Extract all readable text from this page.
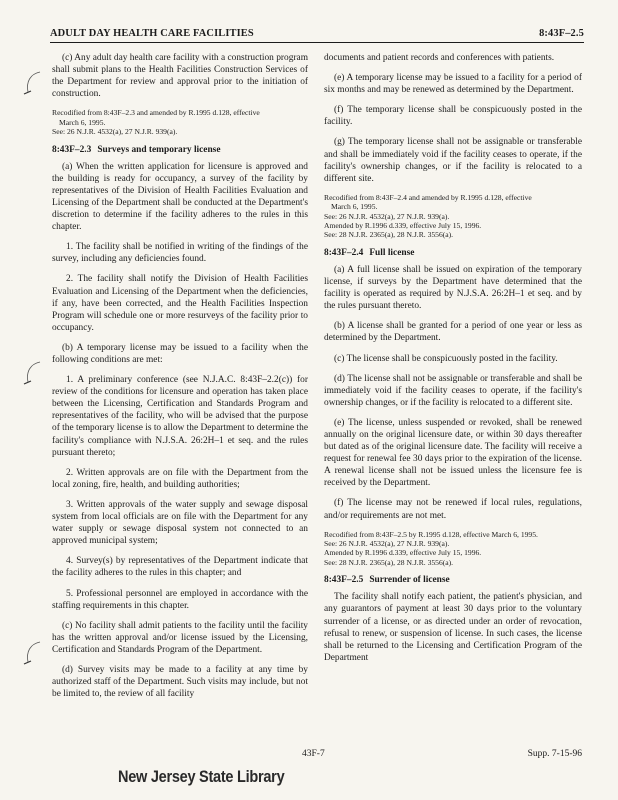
ADULT DAY HEALTH CARE FACILITIES	8:43F–2.5

(c) Any adult day health care facility with a construction program shall submit plans to the Health Facilities Construction Services of the Department for review and approval prior to the initiation of construction.

Recodified from 8:43F–2.3 and amended by R.1995 d.128, effective
March 6, 1995.
See: 26 N.J.R. 4532(a), 27 N.J.R. 939(a).

8:43F–2.3 Surveys and temporary license

(a) When the written application for licensure is approved and the building is ready for occupancy, a survey of the facility by representatives of the Division of Health Facilities Evaluation and Licensing of the Department shall be conducted at the Department's discretion to determine if the facility adheres to the rules in this chapter.

1. The facility shall be notified in writing of the findings of the survey, including any deficiencies found.

2. The facility shall notify the Division of Health Facilities Evaluation and Licensing of the Department when the deficiencies, if any, have been corrected, and the Health Facilities Inspection Program will schedule one or more resurveys of the facility prior to occupancy.

(b) A temporary license may be issued to a facility when the following conditions are met:

1. A preliminary conference (see N.J.A.C. 8:43F–2.2(c)) for review of the conditions for licensure and operation has taken place between the Licensing, Certification and Standards Program and representatives of the facility, who will be advised that the purpose of the temporary license is to allow the Department to determine the facility's compliance with N.J.S.A. 26:2H–1 et seq. and the rules pursuant thereto;

2. Written approvals are on file with the Department from the local zoning, fire, health, and building authorities;

3. Written approvals of the water supply and sewage disposal system from local officials are on file with the Department for any water supply or sewage disposal system not connected to an approved municipal system;

4. Survey(s) by representatives of the Department indicate that the facility adheres to the rules in this chapter; and

5. Professional personnel are employed in accordance with the staffing requirements in this chapter.

(c) No facility shall admit patients to the facility until the facility has the written approval and/or license issued by the Licensing, Certification and Standards Program of the Department.

(d) Survey visits may be made to a facility at any time by authorized staff of the Department. Such visits may include, but not be limited to, the review of all facility

documents and patient records and conferences with patients.

(e) A temporary license may be issued to a facility for a period of six months and may be renewed as determined by the Department.

(f) The temporary license shall be conspicuously posted in the facility.

(g) The temporary license shall not be assignable or transferable and shall be immediately void if the facility ceases to operate, if the facility's ownership changes, or if the facility is relocated to a different site.

Recodified from 8:43F–2.4 and amended by R.1995 d.128, effective
March 6, 1995.
See: 26 N.J.R. 4532(a), 27 N.J.R. 939(a).
Amended by R.1996 d.339, effective July 15, 1996.
See: 28 N.J.R. 2365(a), 28 N.J.R. 3556(a).

8:43F–2.4 Full license

(a) A full license shall be issued on expiration of the temporary license, if surveys by the Department have determined that the facility is operated as required by N.J.S.A. 26:2H–1 et seq. and by the rules pursuant thereto.

(b) A license shall be granted for a period of one year or less as determined by the Department.

(c) The license shall be conspicuously posted in the facility.

(d) The license shall not be assignable or transferable and shall be immediately void if the facility ceases to operate, if the facility's ownership changes, or if the facility is relocated to a different site.

(e) The license, unless suspended or revoked, shall be renewed annually on the original licensure date, or within 30 days thereafter but dated as of the original licensure date. The facility will receive a request for renewal fee 30 days prior to the expiration of the license. A renewal license shall not be issued unless the licensure fee is received by the Department.

(f) The license may not be renewed if local rules, regulations, and/or requirements are not met.

Recodified from 8:43F–2.5 by R.1995 d.128, effective March 6, 1995.
See: 26 N.J.R. 4532(a), 27 N.J.R. 939(a).
Amended by R.1996 d.339, effective July 15, 1996.
See: 28 N.J.R. 2365(a), 28 N.J.R. 3556(a).

8:43F–2.5 Surrender of license

The facility shall notify each patient, the patient's physician, and any guarantors of payment at least 30 days prior to the voluntary surrender of a license, or as directed under an order of revocation, refusal to renew, or suspension of license. In such cases, the license shall be returned to the Licensing and Certification Program of the Department

43F-7	Supp. 7-15-96
New Jersey State Library
